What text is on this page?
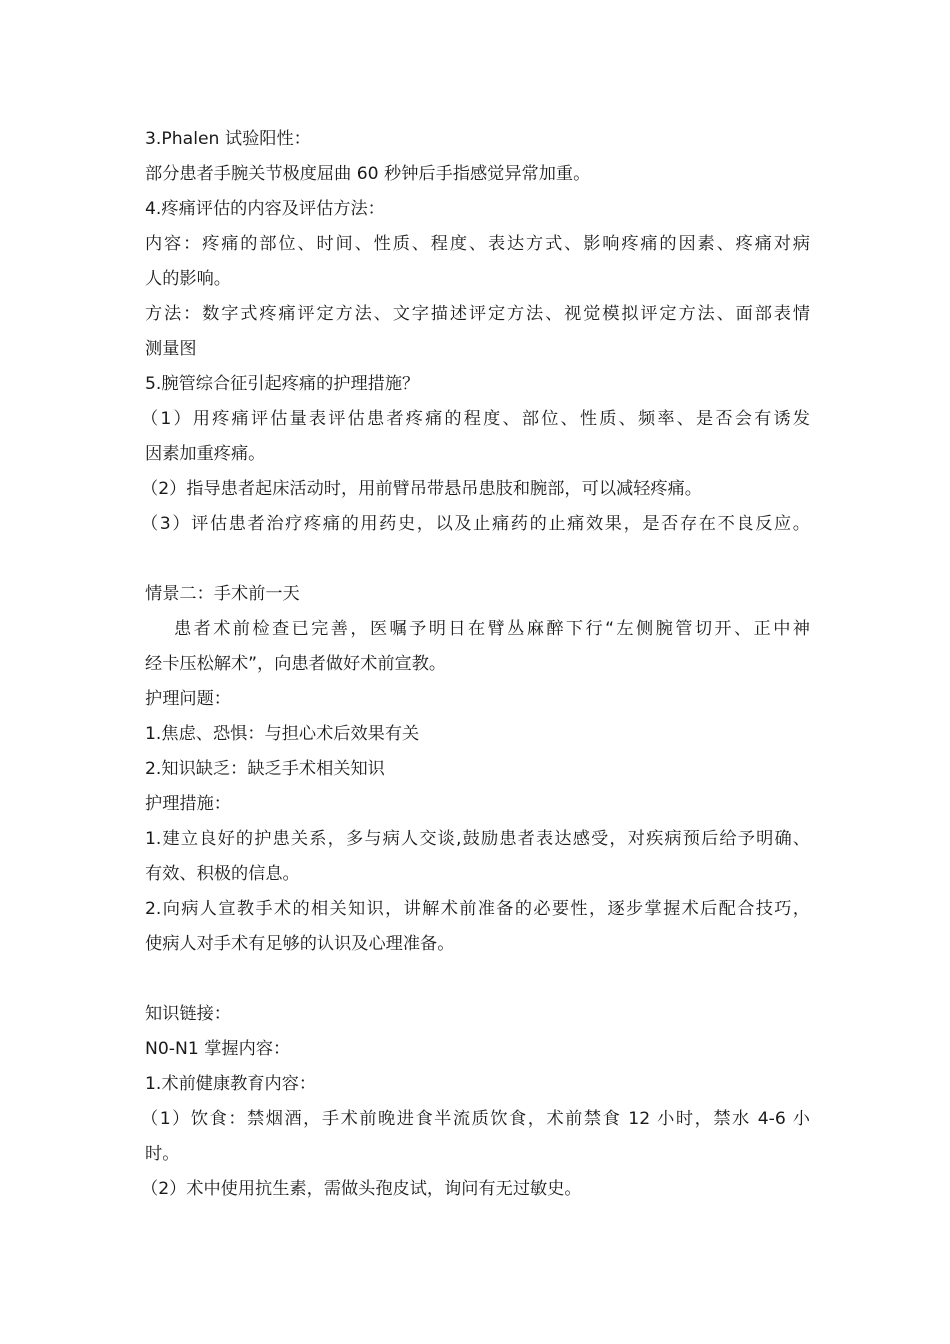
3.Phalen 试验阳性：
部分患者手腕关节极度屈曲 60 秒钟后手指感觉异常加重。
4.疼痛评估的内容及评估方法：
内容：疼痛的部位、时间、性质、程度、表达方式、影响疼痛的因素、疼痛对病
人的影响。
方法：数字式疼痛评定方法、文字描述评定方法、视觉模拟评定方法、面部表情
测量图
5.腕管综合征引起疼痛的护理措施？
（1）用疼痛评估量表评估患者疼痛的程度、部位、性质、频率、是否会有诱发
因素加重疼痛。
（2）指导患者起床活动时，用前臂吊带悬吊患肢和腕部，可以减轻疼痛。
（3）评估患者治疗疼痛的用药史，以及止痛药的止痛效果，是否存在不良反应。
情景二：手术前一天
患者术前检查已完善，医嘱予明日在臂丛麻醉下行“左侧腕管切开、正中神
经卡压松解术”，向患者做好术前宣教。
护理问题：
1.焦虑、恐惧：与担心术后效果有关
2.知识缺乏：缺乏手术相关知识
护理措施：
1.建立良好的护患关系，多与病人交谈,鼓励患者表达感受，对疾病预后给予明确、
有效、积极的信息。
2.向病人宣教手术的相关知识，讲解术前准备的必要性，逐步掌握术后配合技巧，
使病人对手术有足够的认识及心理准备。
知识链接：
N0-N1 掌握内容：
1.术前健康教育内容：
（1）饮食：禁烟酒，手术前晚进食半流质饮食，术前禁食 12 小时，禁水 4-6 小
时。
（2）术中使用抗生素，需做头孢皮试，询问有无过敏史。
